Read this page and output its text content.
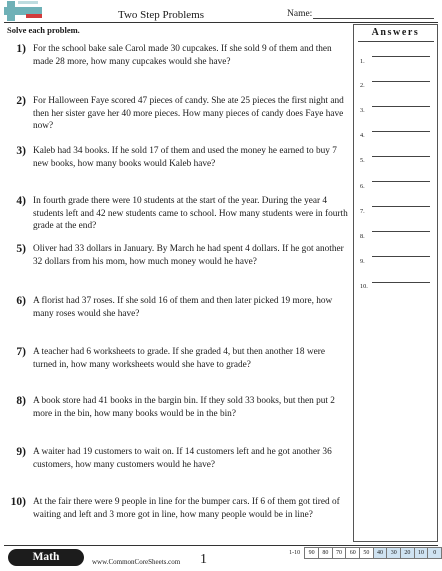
Two Step Problems	Name:
Solve each problem.
1) For the school bake sale Carol made 30 cupcakes. If she sold 9 of them and then made 28 more, how many cupcakes would she have?
2) For Halloween Faye scored 47 pieces of candy. She ate 25 pieces the first night and then her sister gave her 40 more pieces. How many pieces of candy does Faye have now?
3) Kaleb had 34 books. If he sold 17 of them and used the money he earned to buy 7 new books, how many books would Kaleb have?
4) In fourth grade there were 10 students at the start of the year. During the year 4 students left and 42 new students came to school. How many students were in fourth grade at the end?
5) Oliver had 33 dollars in January. By March he had spent 4 dollars. If he got another 32 dollars from his mom, how much money would he have?
6) A florist had 37 roses. If she sold 16 of them and then later picked 19 more, how many roses would she have?
7) A teacher had 6 worksheets to grade. If she graded 4, but then another 18 were turned in, how many worksheets would she have to grade?
8) A book store had 41 books in the bargin bin. If they sold 33 books, but then put 2 more in the bin, how many books would be in the bin?
9) A waiter had 19 customers to wait on. If 14 customers left and he got another 36 customers, how many customers would he have?
10) At the fair there were 9 people in line for the bumper cars. If 6 of them got tired of waiting and left and 3 more got in line, how many people would be in line?
Answers
1.
2.
3.
4.
5.
6.
7.
8.
9.
10.
Math	www.CommonCoreSheets.com 1	1-10	90	80	70	60	50	40	30	20	10	0
